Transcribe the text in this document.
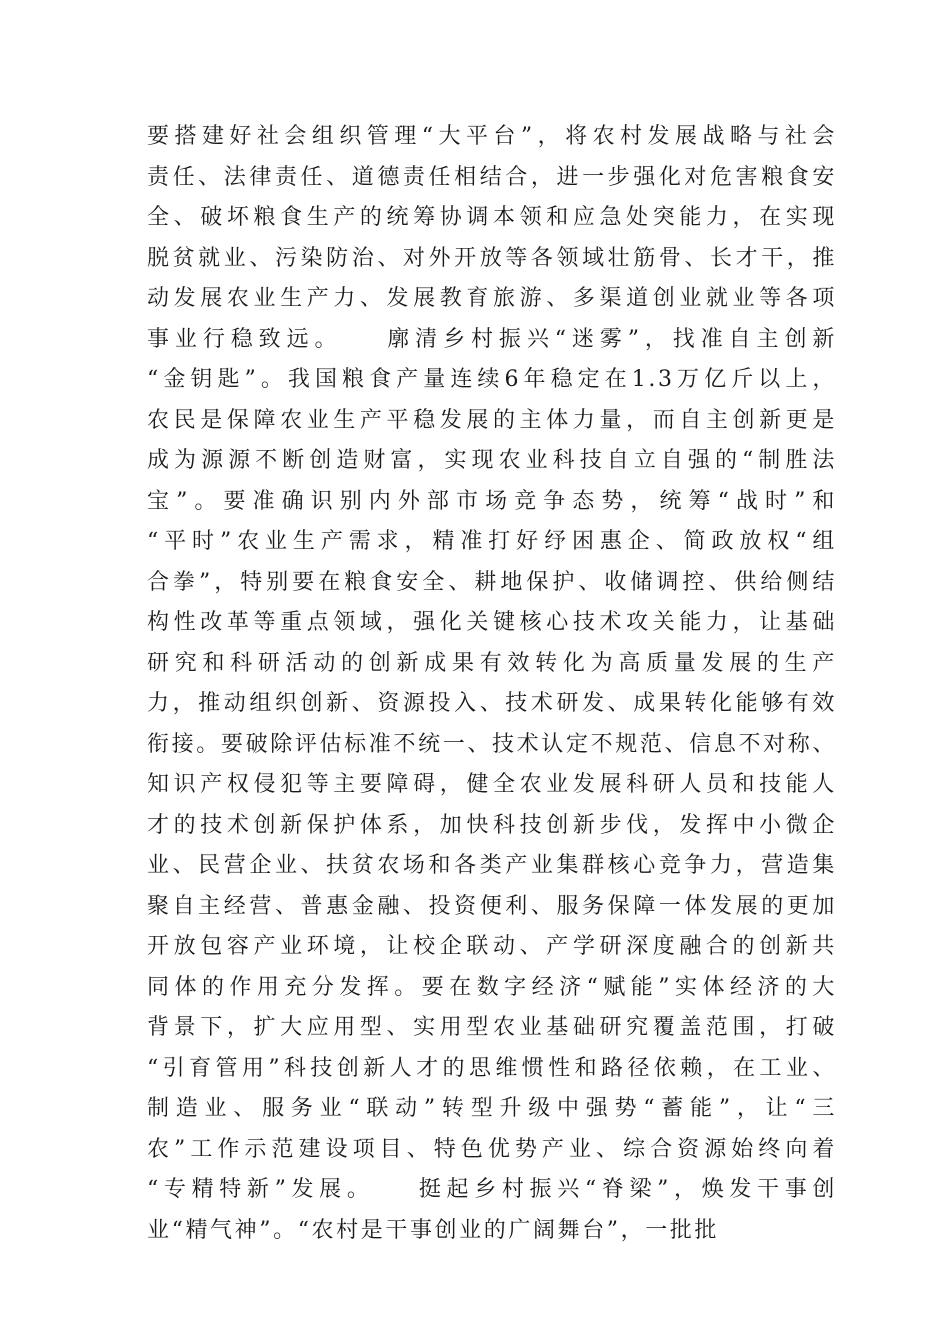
要搭建好社会组织管理“大平台”，将农村发展战略与社会
责任、法律责任、道德责任相结合，进一步强化对危害粮食安
全、破坏粮食生产的统筹协调本领和应急处突能力，在实现
脱贫就业、污染防治、对外开放等各领域壮筋骨、长才干，推
动发展农业生产力、发展教育旅游、多渠道创业就业等各项
事业行稳致远。　　廓清乡村振兴“迷雾”，找准自主创新
“金钥匙”。我国粮食产量连续6年稳定在1.3万亿斤以上，
农民是保障农业生产平稳发展的主体力量，而自主创新更是
成为源源不断创造财富，实现农业科技自立自强的“制胜法
宝”。要准确识别内外部市场竞争态势，统筹“战时”和
“平时”农业生产需求，精准打好纾困惠企、简政放权“组
合拳”，特别要在粮食安全、耕地保护、收储调控、供给侧结
构性改革等重点领域，强化关键核心技术攻关能力，让基础
研究和科研活动的创新成果有效转化为高质量发展的生产
力，推动组织创新、资源投入、技术研发、成果转化能够有效
衔接。要破除评估标准不统一、技术认定不规范、信息不对称、
知识产权侵犯等主要障碍，健全农业发展科研人员和技能人
才的技术创新保护体系，加快科技创新步伐，发挥中小微企
业、民营企业、扶贫农场和各类产业集群核心竞争力，营造集
聚自主经营、普惠金融、投资便利、服务保障一体发展的更加
开放包容产业环境，让校企联动、产学研深度融合的创新共
同体的作用充分发挥。要在数字经济“赋能”实体经济的大
背景下，扩大应用型、实用型农业基础研究覆盖范围，打破
“引育管用”科技创新人才的思维惯性和路径依赖，在工业、
制造业、服务业“联动”转型升级中强势“蓄能”，让“三
农”工作示范建设项目、特色优势产业、综合资源始终向着
“专精特新”发展。　　挺起乡村振兴“脊梁”，焕发干事创
业“精气神”。“农村是干事创业的广阔舞台”，一批批
